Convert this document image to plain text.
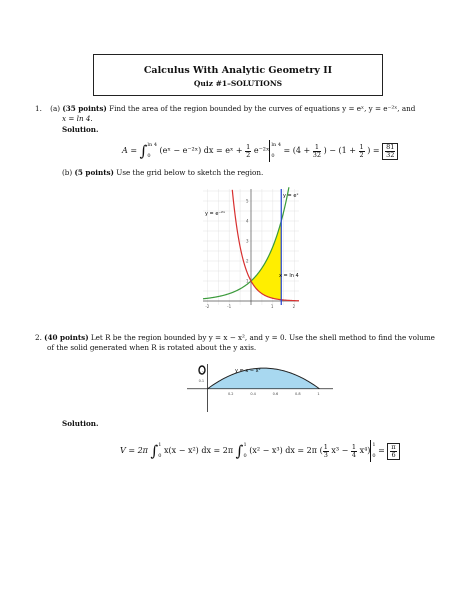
Calculus With Analytic Geometry II
Quiz #1–SOLUTIONS
1. (a) (35 points) Find the area of the region bounded by the curves of equations y = eˣ, y = e⁻²ˣ, and
x = ln 4.
Solution.
A = ∫ ln 4
0
(eˣ − e⁻²ˣ) dx = eˣ + $\frac{1}{2}$ e⁻²ˣ
ln 4
0
= ($4 + \frac{1}{32}$ ) − ($1 + \frac{1}{2}$ ) = $\frac{81}{32}$
(b) (5 points) Use the grid below to sketch the region.
-2	-1	1	2
1
2
3
4
5
y = eˣ
y = e⁻²ˣ
x = ln 4
2. (40 points) Let R be the region bounded by y = x − x², and y = 0. Use the shell method to find the volume
of the solid generated when R is rotated about the y axis.
0.2	0.4	0.6	0.8	1
0.2
0.1
y = x − x²
Solution.
V = 2π ∫ 1
0
x(x − x²) dx = 2π ∫ 1
0
(x² − x³) dx = 2π ( $\frac{1}{3} x^3 - \frac{1}{4} x^4$)
1
0
= $\frac{\pi}{6}$
